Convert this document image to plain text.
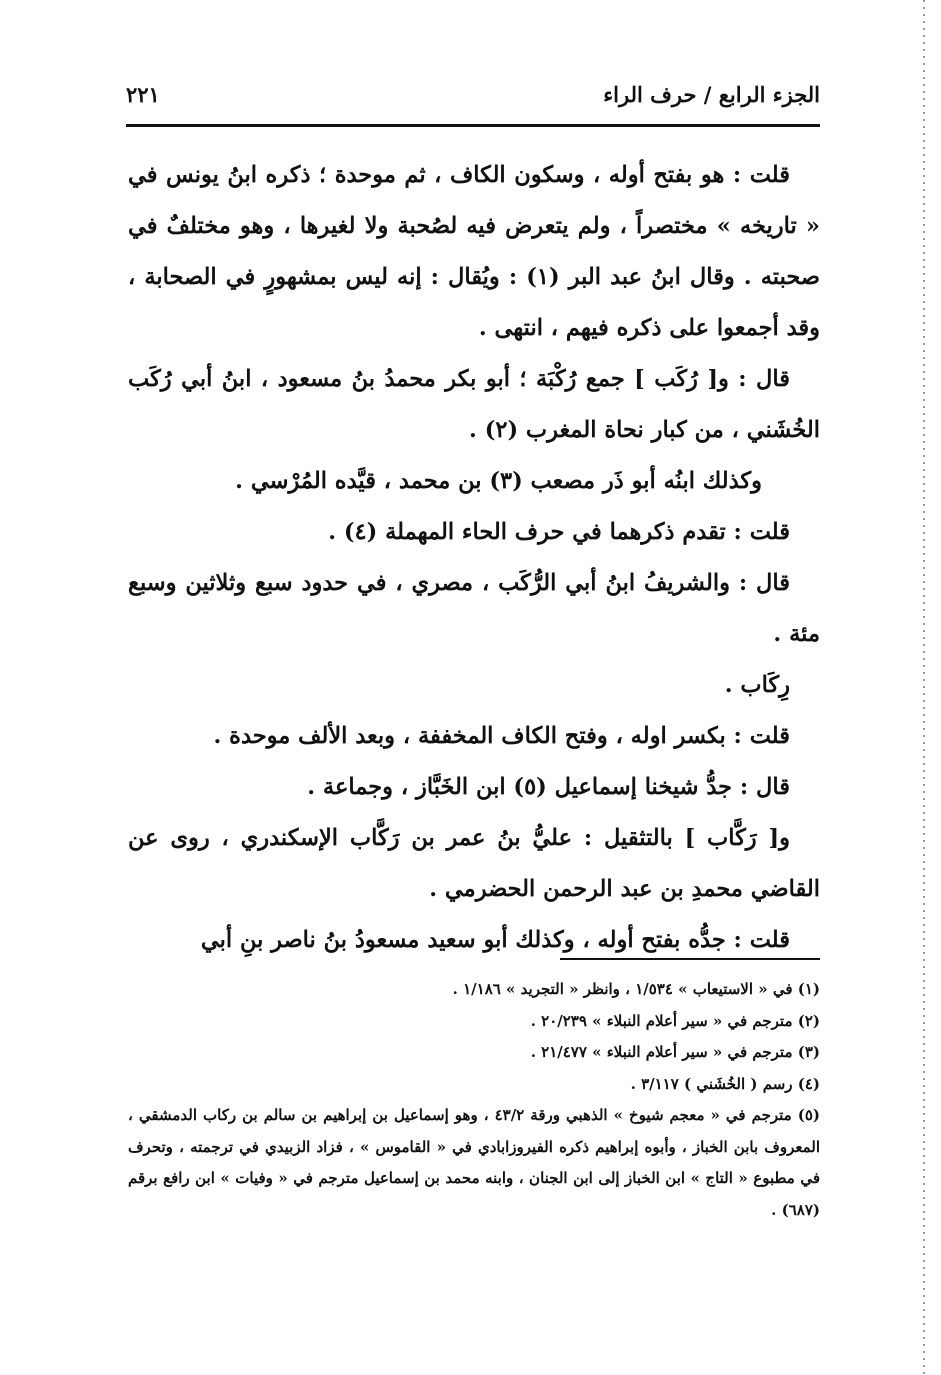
الجزء الرابع / حرف الراء
٢٢١

قلت : هو بفتح أوله ، وسكون الكاف ، ثم موحدة ؛ ذكره ابنُ يونس في « تاريخه » مختصراً ، ولم يتعرض فيه لصُحبة ولا لغيرها ، وهو مختلفٌ في صحبته . وقال ابنُ عبد البر (١) : ويُقال : إنه ليس بمشهورٍ في الصحابة ، وقد أجمعوا على ذكره فيهم ، انتهى .

قال : و[ رُكَب ] جمع رُكْبَة ؛ أبو بكر محمدُ بنُ مسعود ، ابنُ أبي رُكَب الخُشَني ، من كبار نحاة المغرب (٢) .

وكذلك ابنُه أبو ذَر مصعب (٣) بن محمد ، قيَّده المُرْسي .

قلت : تقدم ذكرهما في حرف الحاء المهملة (٤) .

قال : والشريفُ ابنُ أبي الرُّكَب ، مصري ، في حدود سبع وثلاثين وسبع مئة .

رِكَاب .

قلت : بكسر اوله ، وفتح الكاف المخففة ، وبعد الألف موحدة .

قال : جدُّ شيخنا إسماعيل (٥) ابن الخَبَّاز ، وجماعة .

و[ رَكَّاب ] بالتثقيل : عليُّ بنُ عمر بن رَكَّاب الإسكندري ، روى عن القاضي محمدِ بن عبد الرحمن الحضرمي .

قلت : جدُّه بفتح أوله ، وكذلك أبو سعيد مسعودُ بنُ ناصر بنِ أبي

(١) في « الاستيعاب » ١/٥٣٤ ، وانظر « التجريد » ١/١٨٦ .

(٢) مترجم في « سير أعلام النبلاء » ٢٠/٢٣٩ .

(٣) مترجم في « سير أعلام النبلاء » ٢١/٤٧٧ .

(٤) رسم ( الخُشَني ) ٣/١١٧ .

(٥) مترجم في « معجم شيوخ » الذهبي ورقة ٤٣/٢ ، وهو إسماعيل بن إبراهيم بن سالم بن ركاب الدمشقي ، المعروف بابن الخباز ، وأبوه إبراهيم ذكره الفيروزابادي في « القاموس » ، فزاد الزبيدي في ترجمته ، وتحرف في مطبوع « التاج » ابن الخباز إلى ابن الجنان ، وابنه محمد بن إسماعيل مترجم في « وفيات » ابن رافع برقم (٦٨٧) .
